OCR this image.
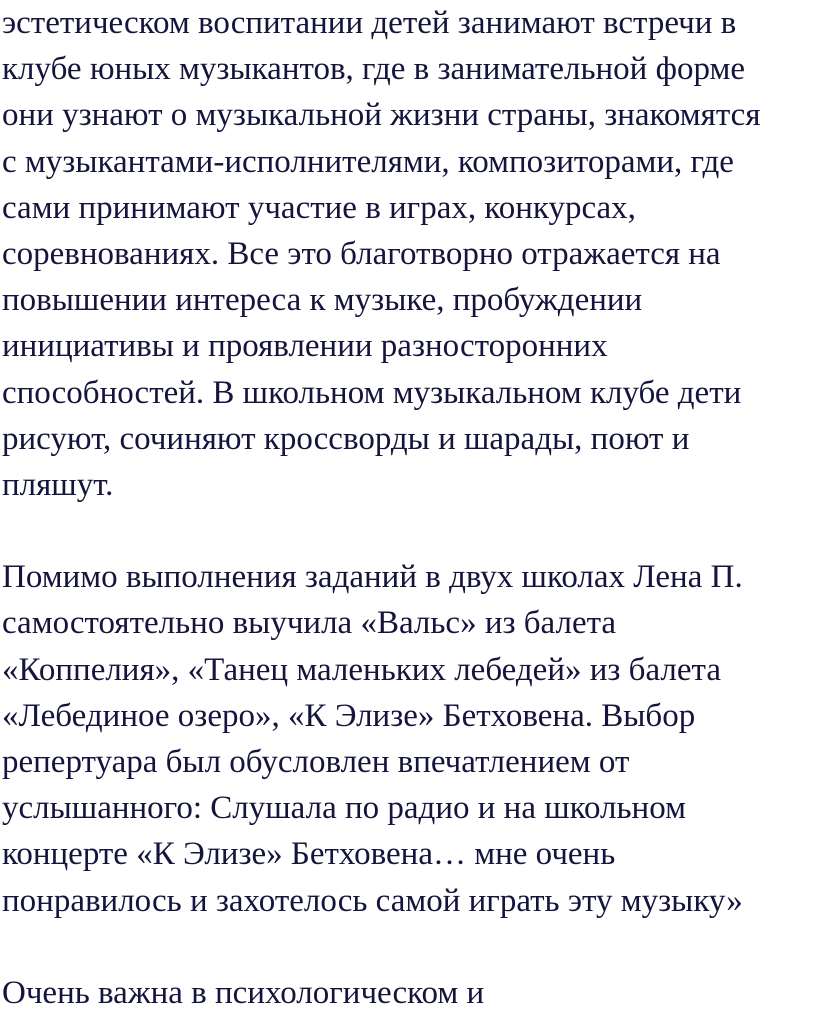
эстетическом воспитании детей занимают встречи в
клубе юных музыкантов, где в занимательной форме
они узнают о музыкальной жизни страны, знакомятся
с музыкантами-исполнителями, композиторами, где
сами принимают участие в играх, конкурсах,
соревнованиях. Все это благотворно отражается на
повышении интереса к музыке, пробуждении
инициативы и проявлении разносторонних
способностей. В школьном музыкальном клубе дети
рисуют, сочиняют кроссворды и шарады, поют и
пляшут.
Помимо выполнения заданий в двух школах Лена П.
самостоятельно выучила «Вальс» из балета
«Коппелия», «Танец маленьких лебедей» из балета
«Лебединое озеро», «К Элизе» Бетховена. Выбор
репертуара был обусловлен впечатлением от
услышанного: Слушала по радио и на школьном
концерте «К Элизе» Бетховена… мне очень
понравилось и захотелось самой играть эту музыку»
Очень важна в психологическом и
